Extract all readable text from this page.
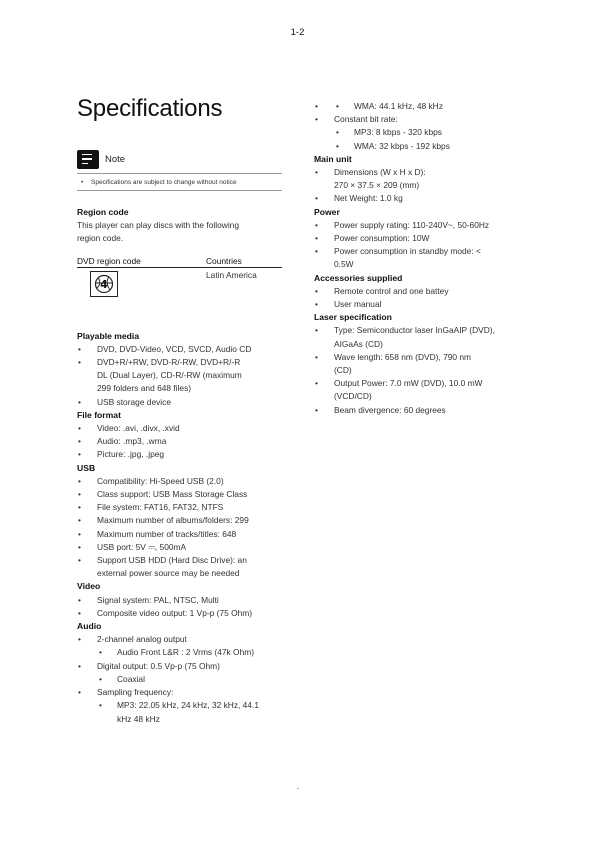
1-2
Specifications
Note
• Specifications are subject to change without notice
Region code
This player can play discs with the following
region code.
DVD region code	Countries
4
Latin America
Playable media
• DVD, DVD-Video, VCD, SVCD, Audio CD
• DVD+R/+RW, DVD-R/-RW, DVD+R/-R
DL (Dual Layer), CD-R/-RW (maximum
299 folders and 648 files)
• USB storage device
File format
• Video: .avi, .divx, .xvid
• Audio: .mp3, .wma
• Picture: .jpg, .jpeg
USB
• Compatibility: Hi-Speed USB (2.0)
• Class support: USB Mass Storage Class
• File system: FAT16, FAT32, NTFS
• Maximum number of albums/folders: 299
• Maximum number of tracks/titles: 648
• USB port: 5V ⎓, 500mA
• Support USB HDD (Hard Disc Drive): an
external power source may be needed
Video
• Signal system: PAL, NTSC, Multi
• Composite video output: 1 Vp-p (75 Ohm)
Audio
• 2-channel analog output
• Audio Front L&R : 2 Vrms (47k Ohm)
• Digital output: 0.5 Vp-p (75 Ohm)
• Coaxial
• Sampling frequency:
• MP3: 22.05 kHz, 24 kHz, 32 kHz, 44.1
kHz 48 kHz
• • WMA: 44.1 kHz, 48 kHz
• Constant bit rate:
• MP3: 8 kbps - 320 kbps
• WMA: 32 kbps - 192 kbps
Main unit
• Dimensions (W x H x D):
270 × 37.5 × 209 (mm)
• Net Weight: 1.0 kg
Power
• Power supply rating: 110-240V~, 50-60Hz
• Power consumption: 10W
• Power consumption in standby mode: <
0.5W
Accessories supplied
• Remote control and one battey
• User manual
Laser specification
• Type: Semiconductor laser InGaAIP (DVD),
AIGaAs (CD)
• Wave length: 658 nm (DVD), 790 nm
(CD)
• Output Power: 7.0 mW (DVD), 10.0 mW
(VCD/CD)
• Beam divergence: 60 degrees
